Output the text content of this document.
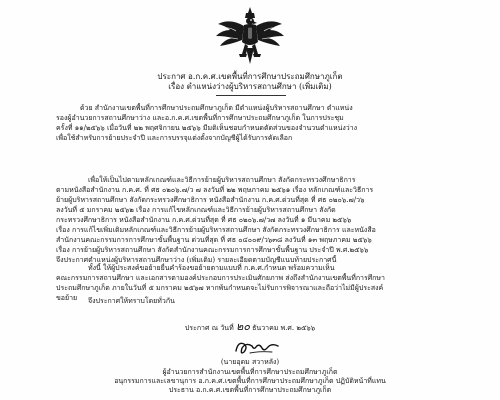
ประกาศ อ.ก.ค.ศ.เขตพื้นที่การศึกษาประถมศึกษาภูเก็ต
เรื่อง ตำแหน่งว่างผู้บริหารสถานศึกษา (เพิ่มเติม)
ด้วย สำนักงานเขตพื้นที่การศึกษาประถมศึกษาภูเก็ต มีตำแหน่งผู้บริหารสถานศึกษา ตำแหน่ง
รองผู้อำนวยการสถานศึกษาว่าง และอ.ก.ค.ศ.เขตพื้นที่การศึกษาประถมศึกษาภูเก็ต ในการประชุม
ครั้งที่ ๑๑/๒๕๖๖ เมื่อวันที่ ๒๒ พฤศจิกายน ๒๕๖๖ มีมติเห็นชอบกำหนดตัดส่วนของจำนวนตำแหน่งว่าง
เพื่อใช้สำหรับการย้ายประจำปี และการบรรจุแต่งตั้งจากบัญชีผู้ได้รับการคัดเลือก
เพื่อให้เป็นไปตามหลักเกณฑ์และวิธีการย้ายผู้บริหารสถานศึกษา สังกัดกระทรวงศึกษาธิการ
ตามหนังสือสำนักงาน ก.ค.ศ. ที่ ศธ ๐๒๐๖.๗/ว ๗ ลงวันที่ ๒๒ พฤษภาคม ๒๕๖๑ เรื่อง หลักเกณฑ์และวิธีการ
ย้ายผู้บริหารสถานศึกษา สังกัดกระทรวงศึกษาธิการ หนังสือสำนักงาน ก.ค.ศ.ด่วนที่สุด ที่ ศธ ๐๒๐๖.๗/ว๖
ลงวันที่ ๕ มกราคม ๒๕๖๒ เรื่อง การแก้ไขหลักเกณฑ์และวิธีการย้ายผู้บริหารสถานศึกษา สังกัด
กระทรวงศึกษาธิการ หนังสือสำนักงาน ก.ค.ศ.ด่วนที่สุด ที่ ศธ ๐๒๐๖.๗/ว๗ ลงวันที่ ๑ มีนาคม ๒๕๖๖
เรื่อง การแก้ไขเพิ่มเติมหลักเกณฑ์และวิธีการย้ายผู้บริหารสถานศึกษา สังกัดกระทรวงศึกษาธิการ และหนังสือ
สำนักงานคณะกรรมการการศึกษาขั้นพื้นฐาน ด่วนที่สุด ที่ ศธ ๐๔๐๐๙/ว๖๓๘ ลงวันที่ ๑๓ พฤษภาคม ๒๕๖๖
เรื่อง การย้ายผู้บริหารสถานศึกษา สังกัดสำนักงานคณะกรรมการการศึกษาขั้นพื้นฐาน ประจำปี พ.ศ.๒๕๖๖
จึงประกาศตำแหน่งผู้บริหารสถานศึกษาว่าง (เพิ่มเติม) รายละเอียดตามบัญชีแนบท้ายประกาศนี้
ทั้งนี้ ให้ผู้ประสงค์ขอย้ายยื่นคำร้องขอย้ายตามแบบที่ ก.ค.ศ.กำหนด พร้อมความเห็น
คณะกรรมการสถานศึกษา และเอกสารตามองค์ประกอบการประเมินศักยภาพ ส่งถึงสำนักงานเขตพื้นที่การศึกษา
ประถมศึกษาภูเก็ต ภายในวันที่ ๕ มกราคม ๒๕๖๗ หากพ้นกำหนดจะไม่รับการพิจารณาและถือว่าไม่มีผู้ประสงค์
ขอย้าย	จึงประกาศให้ทราบโดยทั่วกัน
ประกาศ ณ วันที่ ๒๐ ธันวาคม พ.ศ. ๒๕๖๖
(นายอุดม สวาหลัง)
ผู้อำนวยการสำนักงานเขตพื้นที่การศึกษาประถมศึกษาภูเก็ต
อนุกรรมการและเลขานุการ อ.ก.ค.ศ.เขตพื้นที่การศึกษาประถมศึกษาภูเก็ต ปฏิบัติหน้าที่แทน
ประธาน อ.ก.ค.ศ.เขตพื้นที่การศึกษาประถมศึกษาภูเก็ต
